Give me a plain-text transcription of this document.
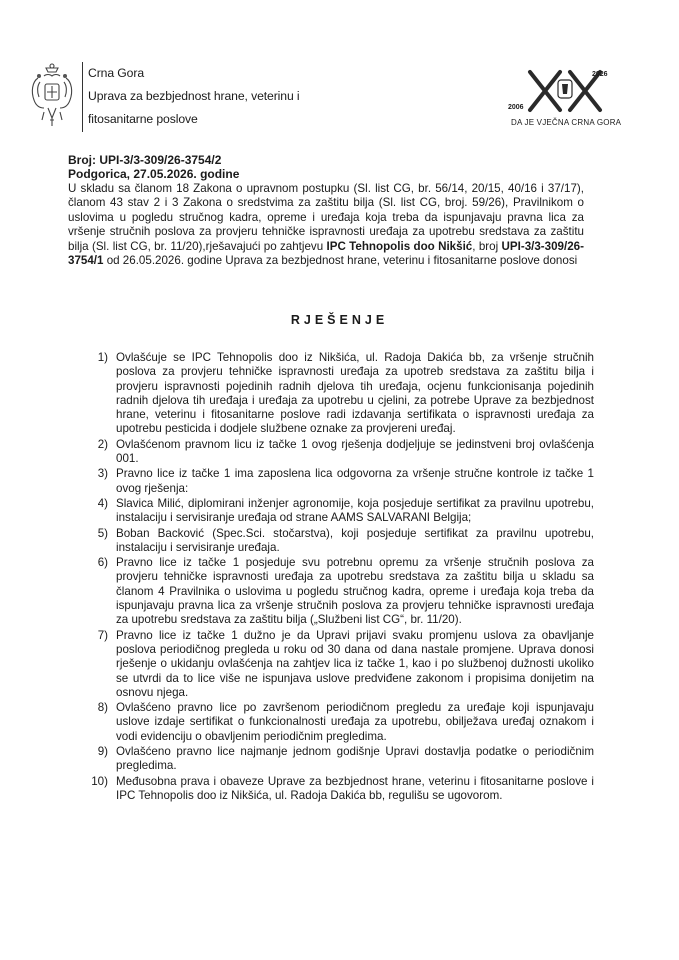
Crna Gora
Uprava za bezbjednost hrane, veterinu i
fitosanitarne poslove
2006
2026
DA JE VJEČNA CRNA GORA
Broj: UPI-3/3-309/26-3754/2
Podgorica, 27.05.2026. godine
U skladu sa članom 18 Zakona o upravnom postupku (Sl. list CG, br. 56/14, 20/15, 40/16 i 37/17), članom 43 stav 2 i 3 Zakona o sredstvima za zaštitu bilja (Sl. list CG, broj. 59/26), Pravilnikom o uslovima u pogledu stručnog kadra, opreme i uređaja koja treba da ispunjavaju pravna lica za vršenje stručnih poslova za provjeru tehničke ispravnosti uređaja za upotrebu sredstava za zaštitu bilja (Sl. list CG, br. 11/20),rješavajući po zahtjevu IPC Tehnopolis doo Nikšić, broj UPI-3/3-309/26-3754/1 od 26.05.2026. godine Uprava za bezbjednost hrane, veterinu i fitosanitarne poslove donosi
RJEŠENJE
1) Ovlašćuje se IPC Tehnopolis doo iz Nikšića, ul. Radoja Dakića bb, za vršenje stručnih poslova za provjeru tehničke ispravnosti uređaja za upotreb sredstava za zaštitu bilja i provjeru ispravnosti pojedinih radnih djelova tih uređaja, ocjenu funkcionisanja pojedinih radnih djelova tih uređaja i uređaja za upotrebu u cjelini, za potrebe Uprave za bezbjednost hrane, veterinu i fitosanitarne poslove radi izdavanja sertifikata o ispravnosti uređaja za upotrebu pesticida i dodjele službene oznake za provjereni uređaj.
2) Ovlašćenom pravnom licu iz tačke 1 ovog rješenja dodjeljuje se jedinstveni broj ovlašćenja 001.
3) Pravno lice iz tačke 1 ima zaposlena lica odgovorna za vršenje stručne kontrole iz tačke 1 ovog rješenja:
4) Slavica Milić, diplomirani inženjer agronomije, koja posjeduje sertifikat za pravilnu upotrebu, instalaciju i servisiranje uređaja od strane AAMS SALVARANI Belgija;
5) Boban Backović (Spec.Sci. stočarstva), koji posjeduje sertifikat za pravilnu upotrebu, instalaciju i servisiranje uređaja.
6) Pravno lice iz tačke 1 posjeduje svu potrebnu opremu za vršenje stručnih poslova za provjeru tehničke ispravnosti uređaja za upotrebu sredstava za zaštitu bilja u skladu sa članom 4 Pravilnika o uslovima u pogledu stručnog kadra, opreme i uređaja koja treba da ispunjavaju pravna lica za vršenje stručnih poslova za provjeru tehničke ispravnosti uređaja za upotrebu sredstava za zaštitu bilja („Službeni list CG“, br. 11/20).
7) Pravno lice iz tačke 1 dužno je da Upravi prijavi svaku promjenu uslova za obavljanje poslova periodičnog pregleda u roku od 30 dana od dana nastale promjene. Uprava donosi rješenje o ukidanju ovlašćenja na zahtjev lica iz tačke 1, kao i po službenoj dužnosti ukoliko se utvrdi da to lice više ne ispunjava uslove predviđene zakonom i propisima donijetim na osnovu njega.
8) Ovlašćeno pravno lice po završenom periodičnom pregledu za uređaje koji ispunjavaju uslove izdaje sertifikat o funkcionalnosti uređaja za upotrebu, obilježava uređaj oznakom i vodi evidenciju o obavljenim periodičnim pregledima.
9) Ovlašćeno pravno lice najmanje jednom godišnje Upravi dostavlja podatke o periodičnim pregledima.
10) Međusobna prava i obaveze Uprave za bezbjednost hrane, veterinu i fitosanitarne poslove i IPC Tehnopolis doo iz Nikšića, ul. Radoja Dakića bb, regulišu se ugovorom.
